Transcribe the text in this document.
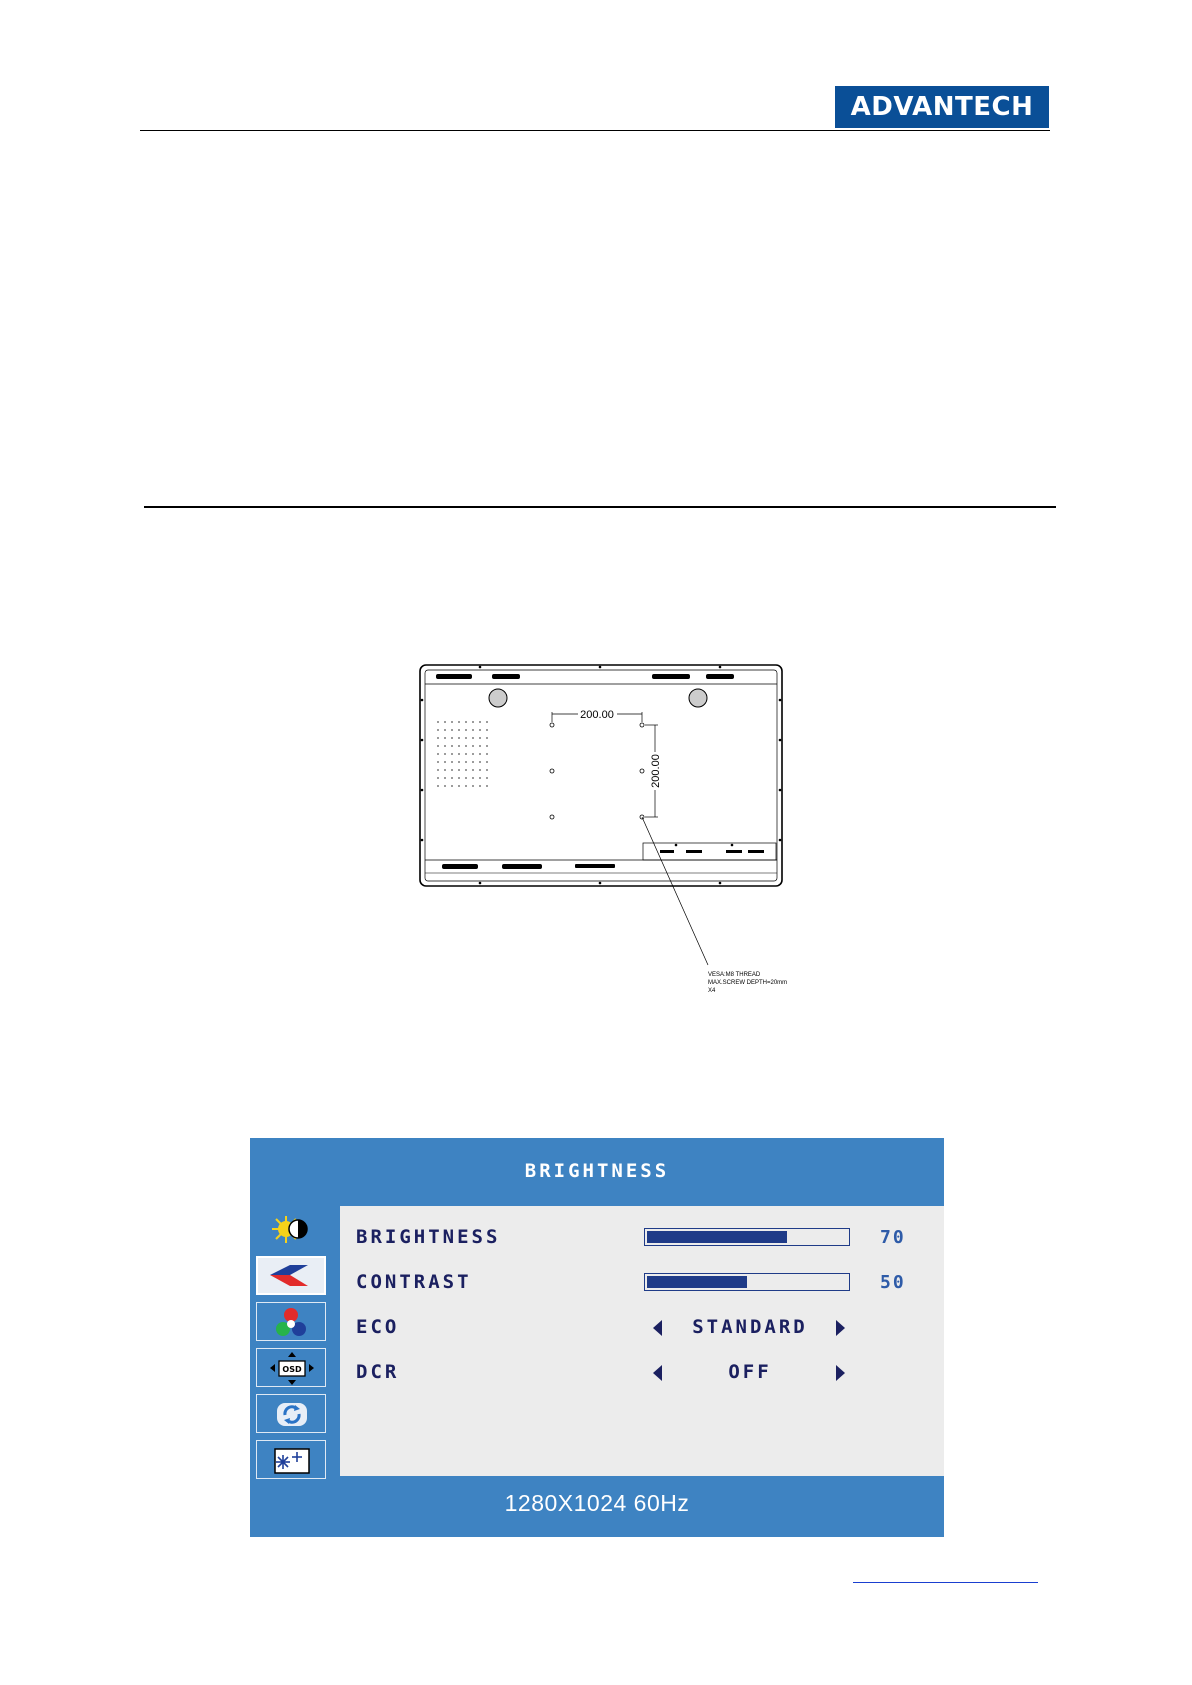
ADVANTECH
200.00
200.00
VESA:M8 THREAD
MAX.SCREW DEPTH=20mm
X4
BRIGHTNESS
OSD
BRIGHTNESS	70
CONTRAST	50
ECO	STANDARD
DCR	OFF
1280X1024 60Hz
